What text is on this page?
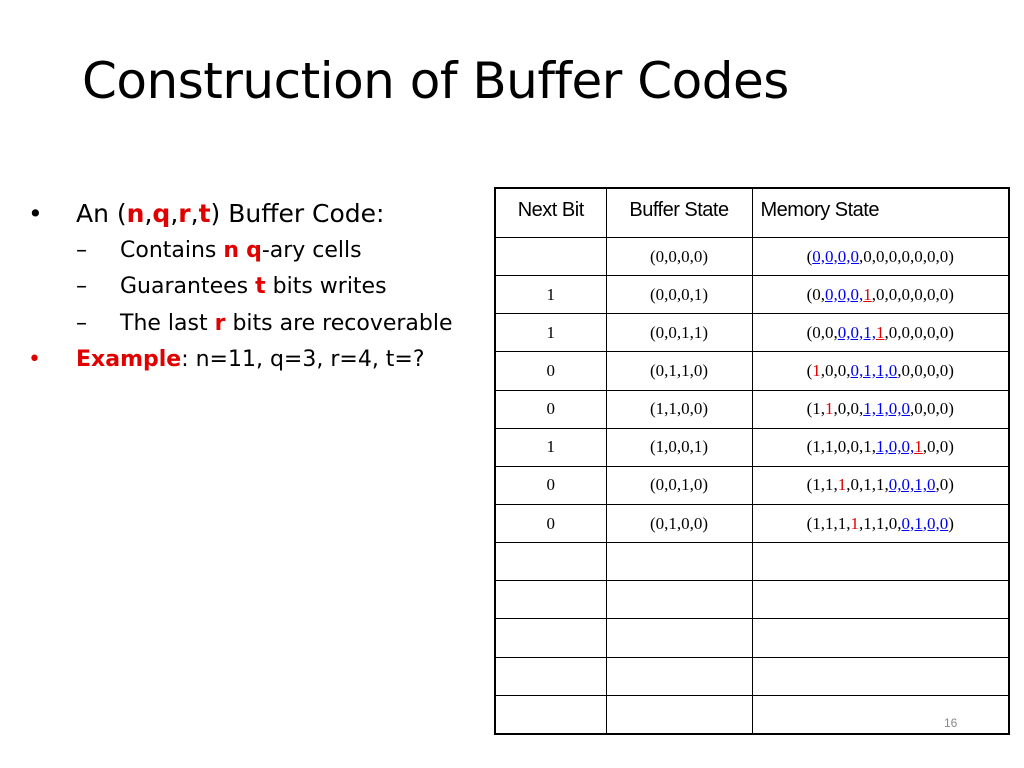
Construction of Buffer Codes
•	An (n,q,r,t) Buffer Code:
–	Contains n q-ary cells
–	Guarantees t bits writes
–	The last r bits are recoverable
•	Example: n=11, q=3, r=4, t=?
Next Bit	Buffer State	Memory State
	(0,0,0,0)	(0,0,0,0,0,0,0,0,0,0,0)
1	(0,0,0,1)	(0,0,0,0,1,0,0,0,0,0,0)
1	(0,0,1,1)	(0,0,0,0,1,1,0,0,0,0,0)
0	(0,1,1,0)	(1,0,0,0,1,1,0,0,0,0,0)
0	(1,1,0,0)	(1,1,0,0,1,1,0,0,0,0,0)
1	(1,0,0,1)	(1,1,0,0,1,1,0,0,1,0,0)
0	(0,0,1,0)	(1,1,1,0,1,1,0,0,1,0,0)
0	(0,1,0,0)	(1,1,1,1,1,1,0,0,1,0,0)

16
